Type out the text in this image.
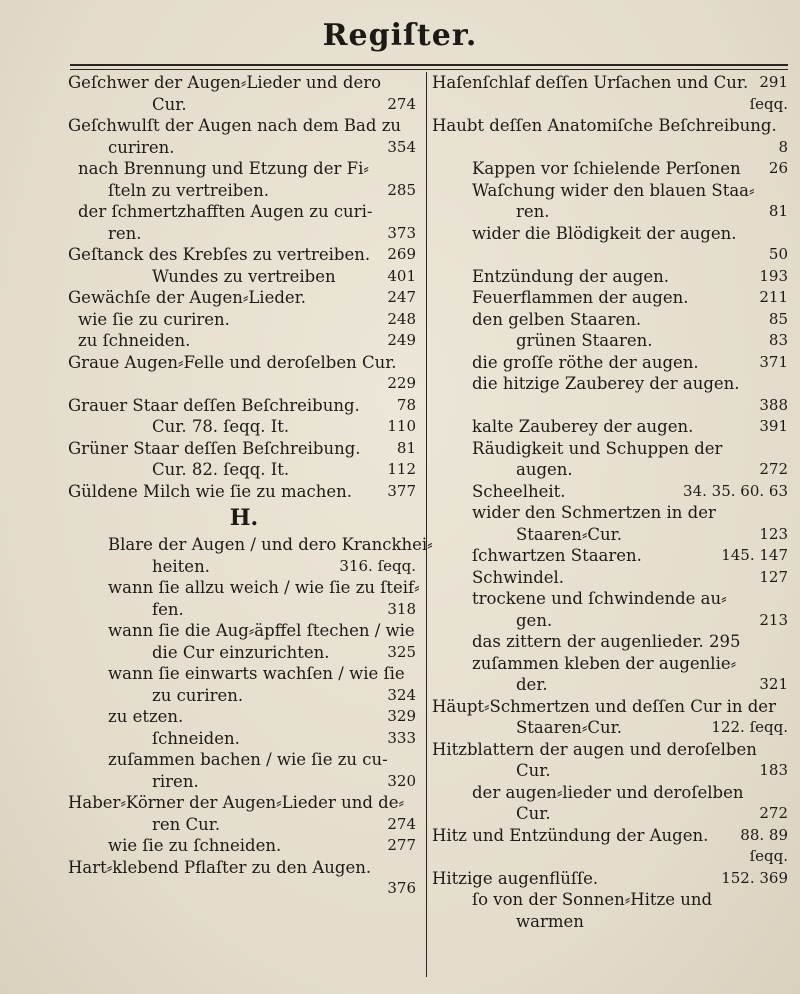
Regiſter.
Geſchwer der Augen⸗Lieder und dero
Cur.	274
Geſchwulſt der Augen nach dem Bad zu
curiren.	354
nach Brennung und Etzung der Fi⸗
ſteln zu vertreiben.	285
der ſchmertzhafften Augen zu curi-
ren.	373
Geſtanck des Krebſes zu vertreiben. 269
Wundes zu vertreiben	401
Gewächſe der Augen⸗Lieder.	247
wie ſie zu curiren.	248
zu ſchneiden.	249
Graue Augen⸗Felle und deroſelben Cur.
229
Grauer Staar deſſen Beſchreibung. 78
Cur. 78. ſeqq. It.	110
Grüner Staar deſſen Beſchreibung. 81
Cur. 82. ſeqq. It.	112
Güldene Milch wie ſie zu machen. 377
H.
Blare der Augen / und dero Kranckhei⸗
heiten.	316. ſeqq.
wann ſie allzu weich / wie ſie zu ſteif⸗
fen.	318
wann ſie die Aug⸗äpffel ſtechen / wie
die Cur einzurichten.	325
wann ſie einwarts wachſen / wie ſie
zu curiren.	324
zu etzen.	329
ſchneiden.	333
zuſammen bachen / wie ſie zu cu-
riren.	320
Haber⸗Körner der Augen⸗Lieder und de⸗
ren Cur.	274
wie ſie zu ſchneiden.	277
Hart⸗klebend Pflaſter zu den Augen.
376
Haſenſchlaf deſſen Urſachen und Cur. 291
ſeqq.
Haubt deſſen Anatomiſche Beſchreibung.
8
Kappen vor ſchielende Perſonen 26
Waſchung wider den blauen Staa⸗
ren.	81
wider die Blödigkeit der augen.
50
Entzündung der augen.	193
Feuerflammen der augen.	211
den gelben Staaren.	85
grünen Staaren.	83
die groſſe röthe der augen.	371
die hitzige Zauberey der augen.
388
kalte Zauberey der augen.	391
Räudigkeit und Schuppen der
augen.	272
Scheelheit.	34. 35. 60. 63
wider den Schmertzen in der
Staaren⸗Cur.	123
ſchwartzen Staaren.	145. 147
Schwindel.	127
trockene und ſchwindende au⸗
gen.	213
das zittern der augenlieder. 295
zuſammen kleben der augenlie⸗
der.	321
Häupt⸗Schmertzen und deſſen Cur in der
Staaren⸗Cur.	122. ſeqq.
Hitzblattern der augen und deroſelben
Cur.	183
der augen⸗lieder und deroſelben
Cur.	272
Hitz und Entzündung der Augen. 88. 89
ſeqq.
Hitzige augenflüſſe.	152. 369
ſo von der Sonnen⸗Hitze und
warmen
